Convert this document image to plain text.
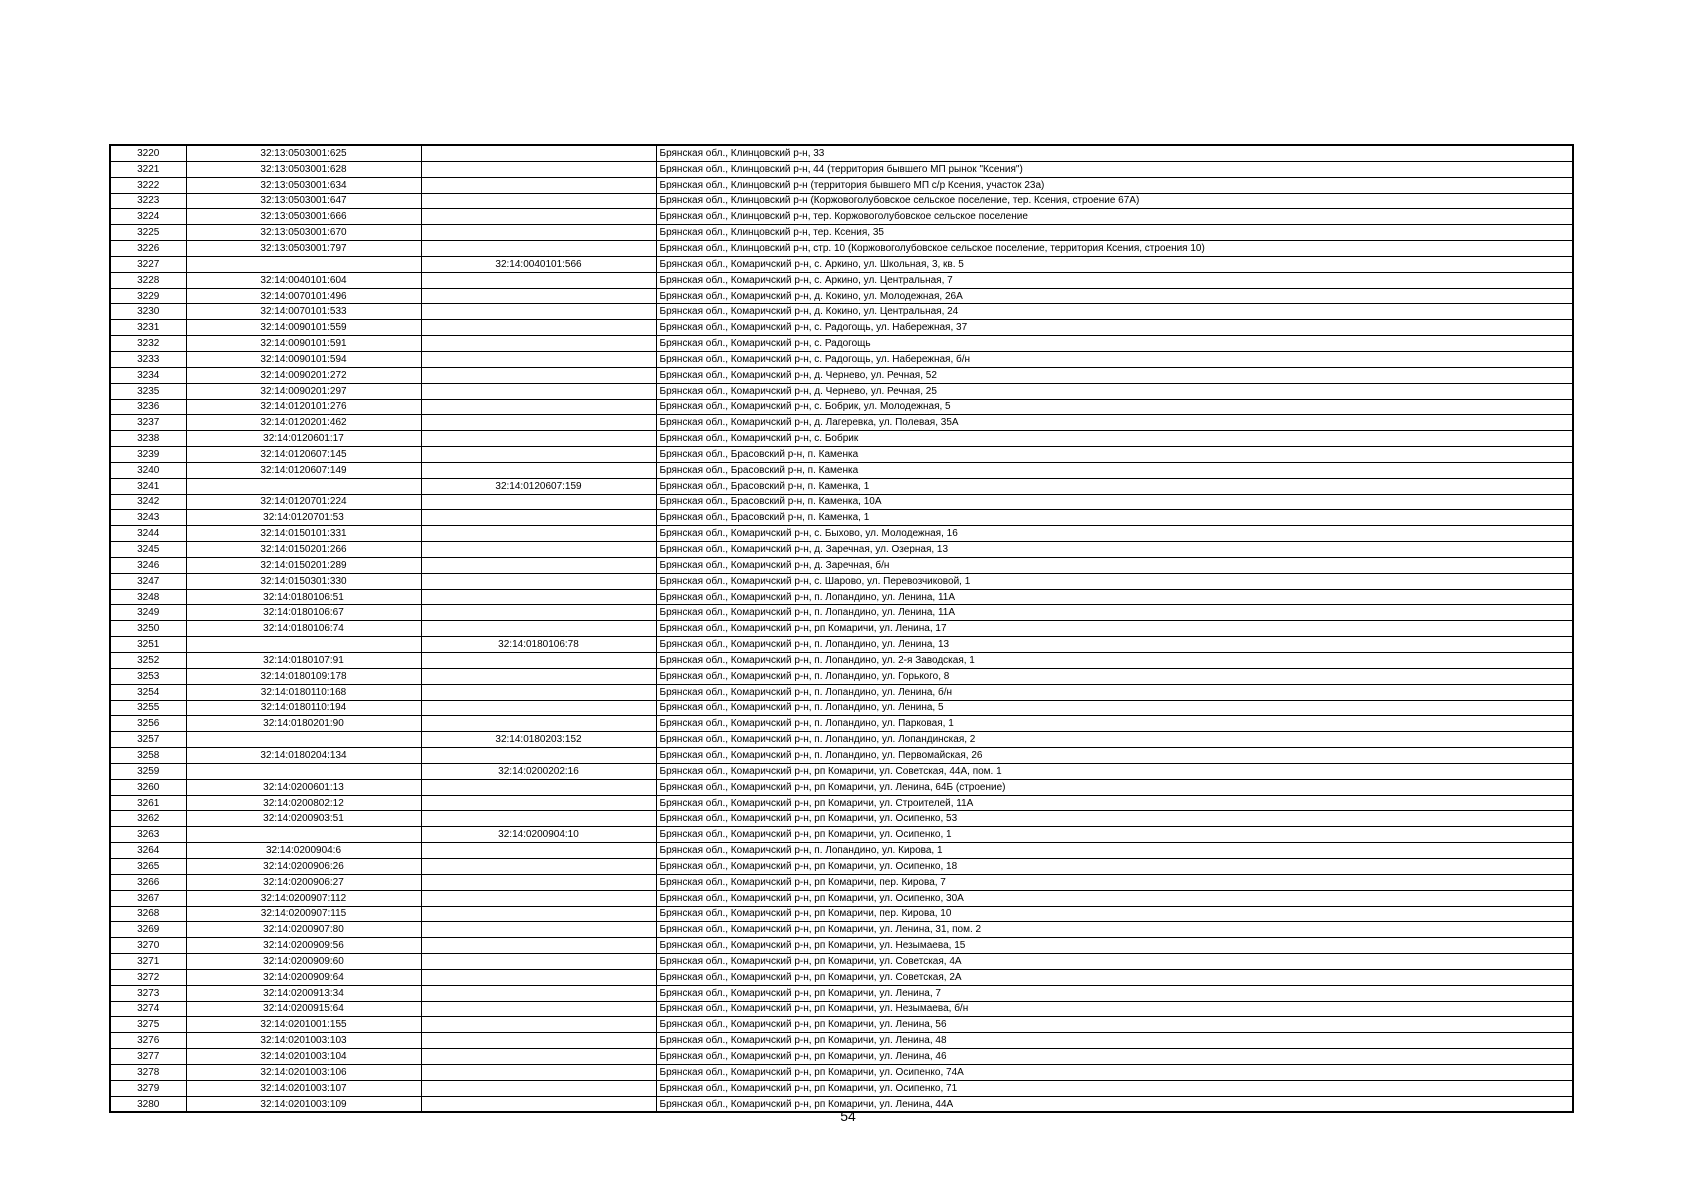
3220	32:13:0503001:625		Брянская обл., Клинцовский р-н, 33
3221	32:13:0503001:628		Брянская обл., Клинцовский р-н, 44 (территория бывшего МП рынок "Ксения")
3222	32:13:0503001:634		Брянская обл., Клинцовский р-н (территория бывшего МП с/р Ксения, участок 23а)
3223	32:13:0503001:647		Брянская обл., Клинцовский р-н (Коржовоголубовское сельское поселение, тер. Ксения, строение 67А)
3224	32:13:0503001:666		Брянская обл., Клинцовский р-н, тер. Коржовоголубовское сельское поселение
3225	32:13:0503001:670		Брянская обл., Клинцовский р-н, тер. Ксения, 35
3226	32:13:0503001:797		Брянская обл., Клинцовский р-н, стр. 10 (Коржовоголубовское сельское поселение, территория Ксения, строения 10)
3227		32:14:0040101:566	Брянская обл., Комаричский р-н, с. Аркино, ул. Школьная, 3, кв. 5
3228	32:14:0040101:604		Брянская обл., Комаричский р-н, с. Аркино, ул. Центральная, 7
3229	32:14:0070101:496		Брянская обл., Комаричский р-н, д. Кокино, ул. Молодежная, 26А
3230	32:14:0070101:533		Брянская обл., Комаричский р-н, д. Кокино, ул. Центральная, 24
3231	32:14:0090101:559		Брянская обл., Комаричский р-н, с. Радогощь, ул. Набережная, 37
3232	32:14:0090101:591		Брянская обл., Комаричский р-н, с. Радогощь
3233	32:14:0090101:594		Брянская обл., Комаричский р-н, с. Радогощь, ул. Набережная, б/н
3234	32:14:0090201:272		Брянская обл., Комаричский р-н, д. Чернево, ул. Речная, 52
3235	32:14:0090201:297		Брянская обл., Комаричский р-н, д. Чернево, ул. Речная, 25
3236	32:14:0120101:276		Брянская обл., Комаричский р-н, с. Бобрик, ул. Молодежная, 5
3237	32:14:0120201:462		Брянская обл., Комаричский р-н, д. Лагеревка, ул. Полевая, 35А
3238	32:14:0120601:17		Брянская обл., Комаричский р-н, с. Бобрик
3239	32:14:0120607:145		Брянская обл., Брасовский р-н, п. Каменка
3240	32:14:0120607:149		Брянская обл., Брасовский р-н, п. Каменка
3241		32:14:0120607:159	Брянская обл., Брасовский р-н, п. Каменка, 1
3242	32:14:0120701:224		Брянская обл., Брасовский р-н, п. Каменка, 10А
3243	32:14:0120701:53		Брянская обл., Брасовский р-н, п. Каменка, 1
3244	32:14:0150101:331		Брянская обл., Комаричский р-н, с. Быхово, ул. Молодежная, 16
3245	32:14:0150201:266		Брянская обл., Комаричский р-н, д. Заречная, ул. Озерная, 13
3246	32:14:0150201:289		Брянская обл., Комаричский р-н, д. Заречная, б/н
3247	32:14:0150301:330		Брянская обл., Комаричский р-н, с. Шарово, ул. Перевозчиковой, 1
3248	32:14:0180106:51		Брянская обл., Комаричский р-н, п. Лопандино, ул. Ленина, 11А
3249	32:14:0180106:67		Брянская обл., Комаричский р-н, п. Лопандино, ул. Ленина, 11А
3250	32:14:0180106:74		Брянская обл., Комаричский р-н, рп Комаричи, ул. Ленина, 17
3251		32:14:0180106:78	Брянская обл., Комаричский р-н, п. Лопандино, ул. Ленина, 13
3252	32:14:0180107:91		Брянская обл., Комаричский р-н, п. Лопандино, ул. 2-я Заводская, 1
3253	32:14:0180109:178		Брянская обл., Комаричский р-н, п. Лопандино, ул. Горького, 8
3254	32:14:0180110:168		Брянская обл., Комаричский р-н, п. Лопандино, ул. Ленина, б/н
3255	32:14:0180110:194		Брянская обл., Комаричский р-н, п. Лопандино, ул. Ленина, 5
3256	32:14:0180201:90		Брянская обл., Комаричский р-н, п. Лопандино, ул. Парковая, 1
3257		32:14:0180203:152	Брянская обл., Комаричский р-н, п. Лопандино, ул. Лопандинская, 2
3258	32:14:0180204:134		Брянская обл., Комаричский р-н, п. Лопандино, ул. Первомайская, 26
3259		32:14:0200202:16	Брянская обл., Комаричский р-н, рп Комаричи, ул. Советская, 44А, пом. 1
3260	32:14:0200601:13		Брянская обл., Комаричский р-н, рп Комаричи, ул. Ленина, 64Б (строение)
3261	32:14:0200802:12		Брянская обл., Комаричский р-н, рп Комаричи, ул. Строителей, 11А
3262	32:14:0200903:51		Брянская обл., Комаричский р-н, рп Комаричи, ул. Осипенко, 53
3263		32:14:0200904:10	Брянская обл., Комаричский р-н, рп Комаричи, ул. Осипенко, 1
3264	32:14:0200904:6		Брянская обл., Комаричский р-н, п. Лопандино, ул. Кирова, 1
3265	32:14:0200906:26		Брянская обл., Комаричский р-н, рп Комаричи, ул. Осипенко, 18
3266	32:14:0200906:27		Брянская обл., Комаричский р-н, рп Комаричи, пер. Кирова, 7
3267	32:14:0200907:112		Брянская обл., Комаричский р-н, рп Комаричи, ул. Осипенко, 30А
3268	32:14:0200907:115		Брянская обл., Комаричский р-н, рп Комаричи, пер. Кирова, 10
3269	32:14:0200907:80		Брянская обл., Комаричский р-н, рп Комаричи, ул. Ленина, 31, пом. 2
3270	32:14:0200909:56		Брянская обл., Комаричский р-н, рп Комаричи, ул. Незымаева, 15
3271	32:14:0200909:60		Брянская обл., Комаричский р-н, рп Комаричи, ул. Советская, 4А
3272	32:14:0200909:64		Брянская обл., Комаричский р-н, рп Комаричи, ул. Советская, 2А
3273	32:14:0200913:34		Брянская обл., Комаричский р-н, рп Комаричи, ул. Ленина, 7
3274	32:14:0200915:64		Брянская обл., Комаричский р-н, рп Комаричи, ул. Незымаева, б/н
3275	32:14:0201001:155		Брянская обл., Комаричский р-н, рп Комаричи, ул. Ленина, 56
3276	32:14:0201003:103		Брянская обл., Комаричский р-н, рп Комаричи, ул. Ленина, 48
3277	32:14:0201003:104		Брянская обл., Комаричский р-н, рп Комаричи, ул. Ленина, 46
3278	32:14:0201003:106		Брянская обл., Комаричский р-н, рп Комаричи, ул. Осипенко, 74А
3279	32:14:0201003:107		Брянская обл., Комаричский р-н, рп Комаричи, ул. Осипенко, 71
3280	32:14:0201003:109		Брянская обл., Комаричский р-н, рп Комаричи, ул. Ленина, 44А
54
